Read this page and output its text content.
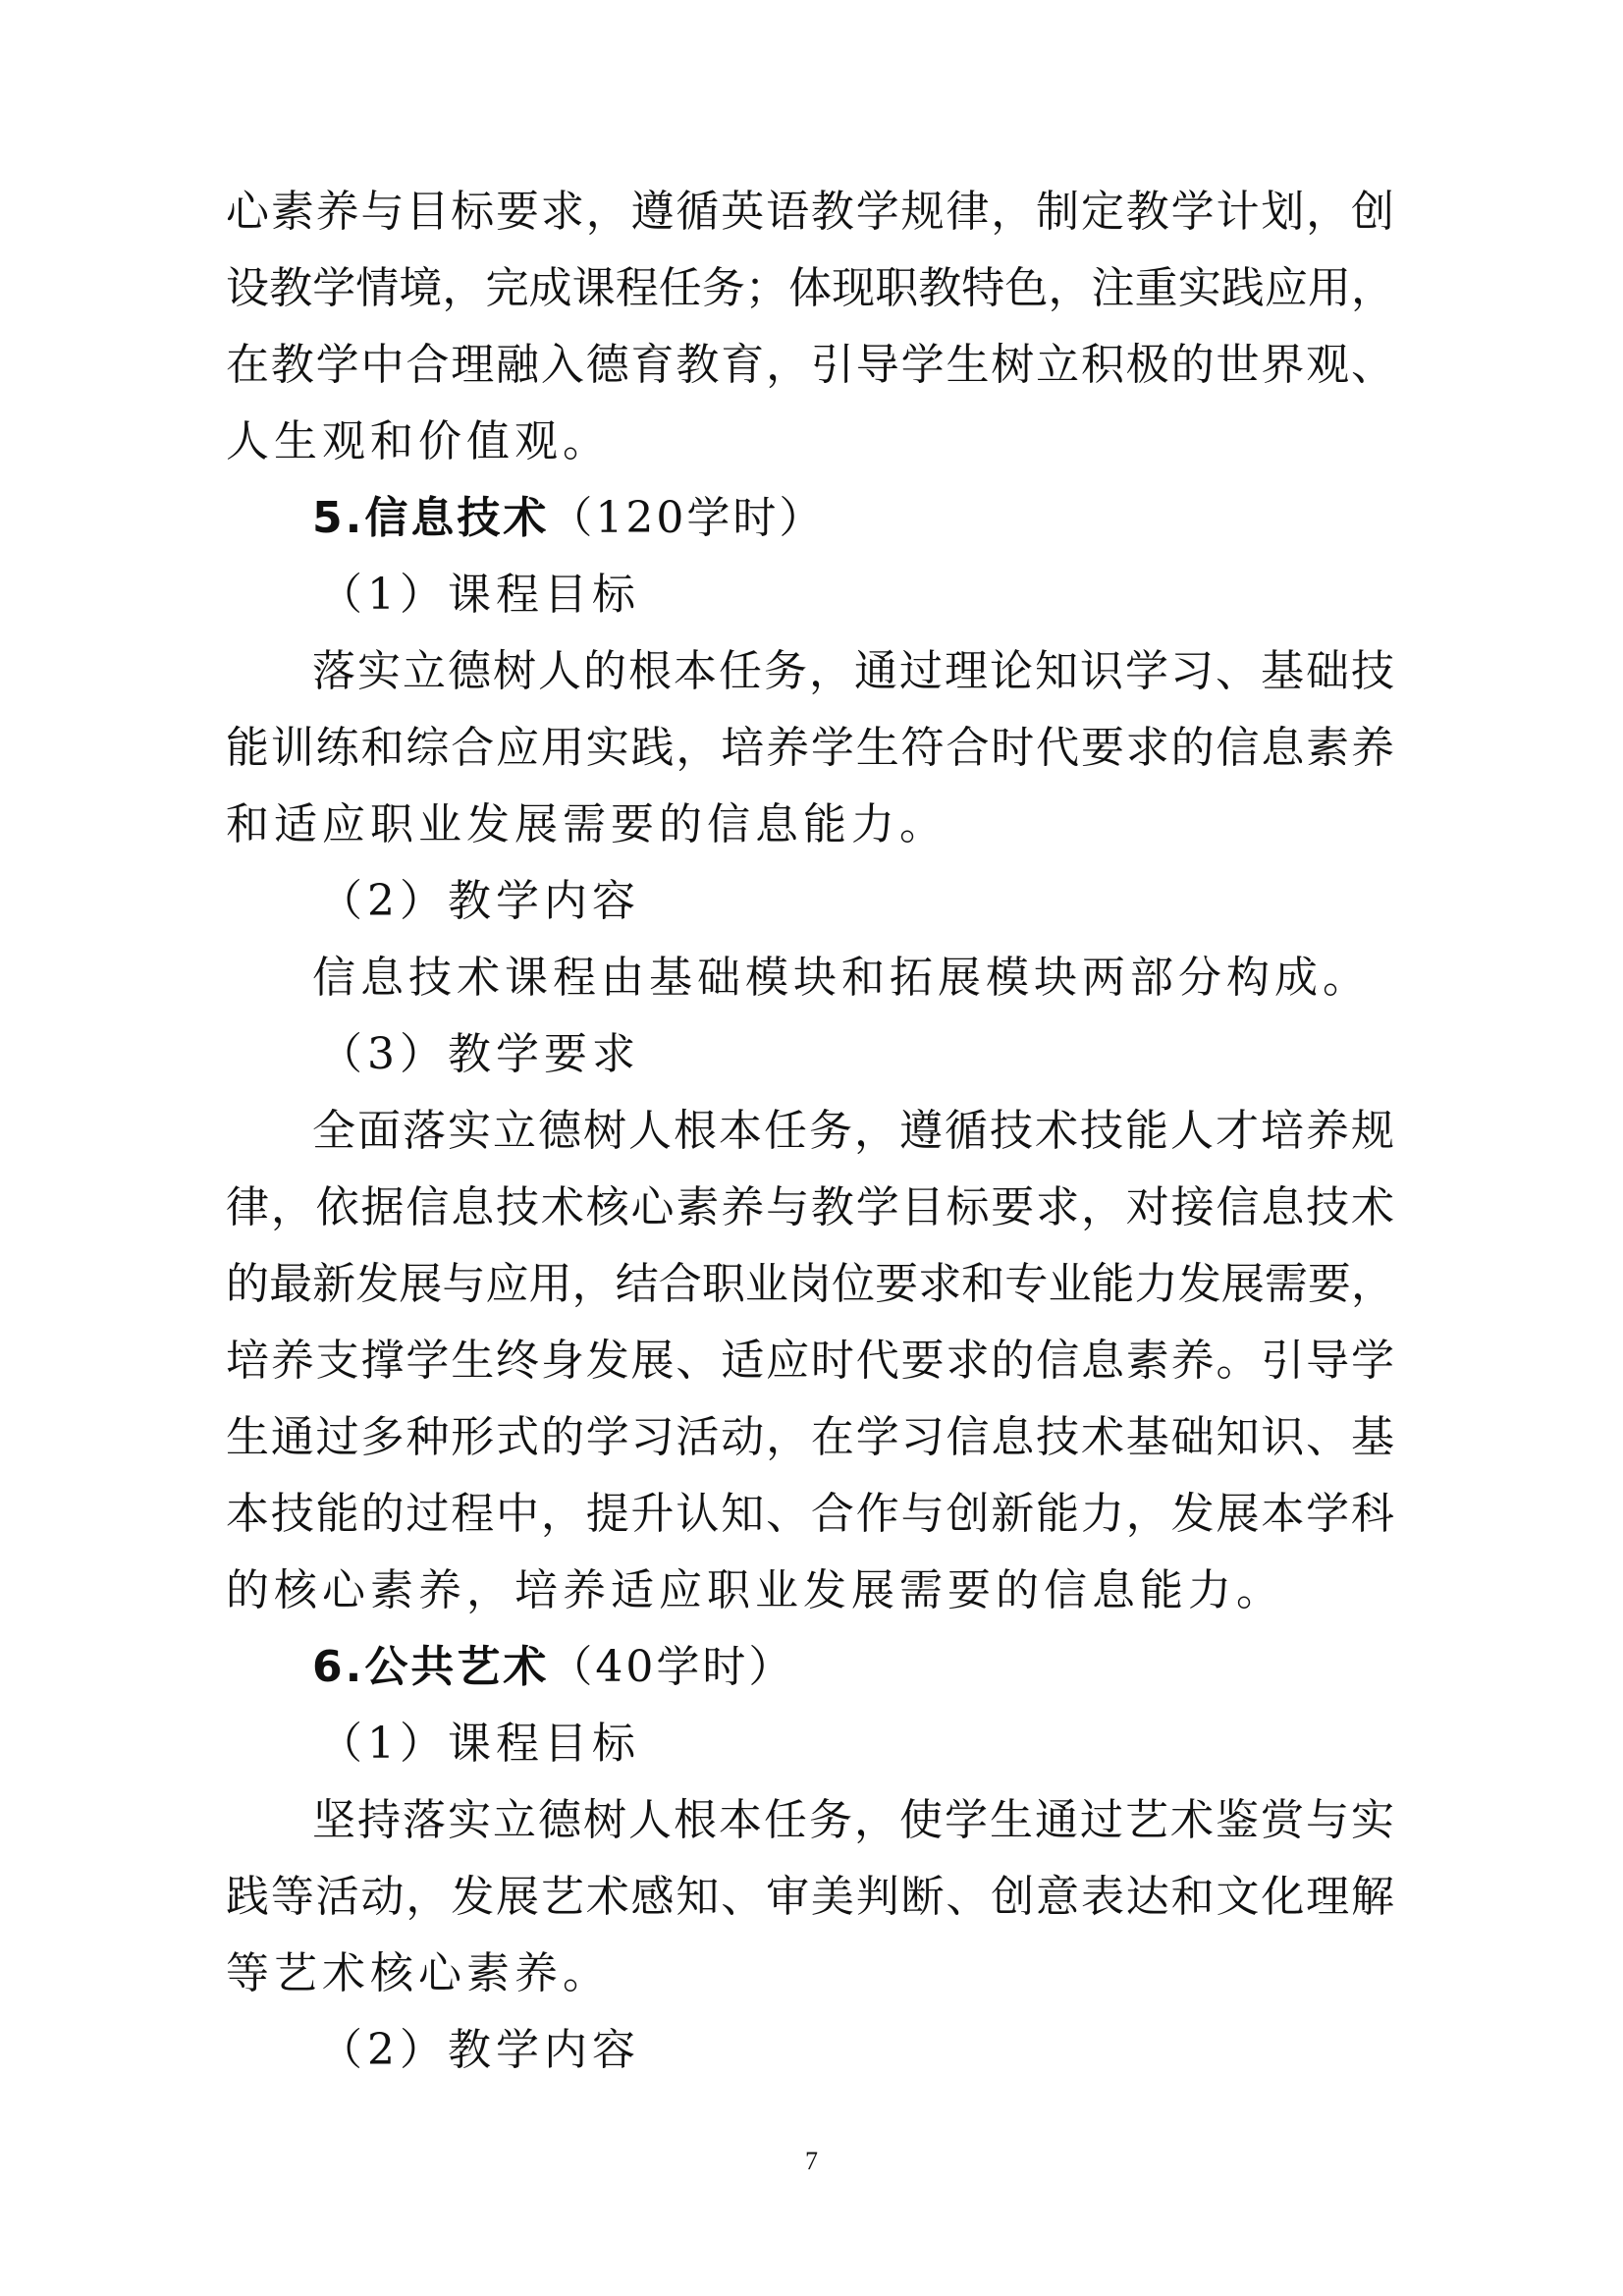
心素养与目标要求，遵循英语教学规律，制定教学计划，创
设教学情境，完成课程任务；体现职教特色，注重实践应用，
在教学中合理融入德育教育，引导学生树立积极的世界观、
人生观和价值观。
5.信息技术（120学时）
（1）课程目标
落实立德树人的根本任务，通过理论知识学习、基础技
能训练和综合应用实践，培养学生符合时代要求的信息素养
和适应职业发展需要的信息能力。
（2）教学内容
信息技术课程由基础模块和拓展模块两部分构成。
（3）教学要求
全面落实立德树人根本任务，遵循技术技能人才培养规
律，依据信息技术核心素养与教学目标要求，对接信息技术
的最新发展与应用，结合职业岗位要求和专业能力发展需要，
培养支撑学生终身发展、适应时代要求的信息素养。引导学
生通过多种形式的学习活动，在学习信息技术基础知识、基
本技能的过程中，提升认知、合作与创新能力，发展本学科
的核心素养，培养适应职业发展需要的信息能力。
6.公共艺术（40学时）
（1）课程目标
坚持落实立德树人根本任务，使学生通过艺术鉴赏与实
践等活动，发展艺术感知、审美判断、创意表达和文化理解
等艺术核心素养。
（2）教学内容
7
